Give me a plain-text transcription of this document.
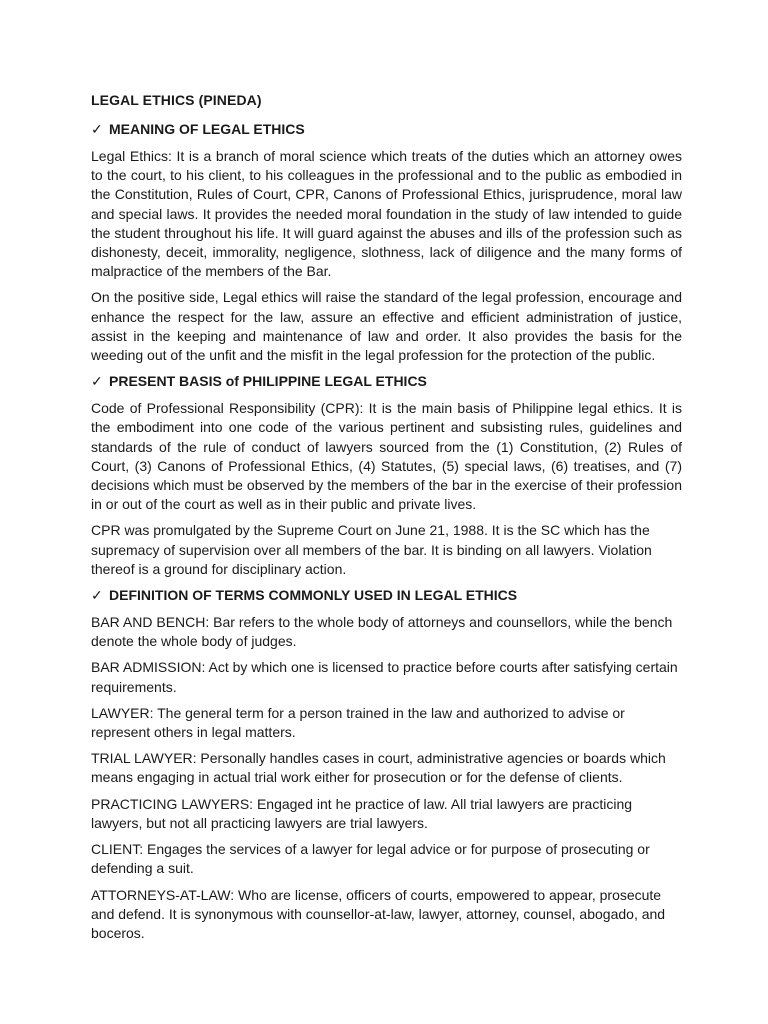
LEGAL ETHICS (PINEDA)
✓ MEANING OF LEGAL ETHICS

Legal Ethics: It is a branch of moral science which treats of the duties which an attorney owes to the court, to his client, to his colleagues in the professional and to the public as embodied in the Constitution, Rules of Court, CPR, Canons of Professional Ethics, jurisprudence, moral law and special laws. It provides the needed moral foundation in the study of law intended to guide the student throughout his life. It will guard against the abuses and ills of the profession such as dishonesty, deceit, immorality, negligence, slothness, lack of diligence and the many forms of malpractice of the members of the Bar.

On the positive side, Legal ethics will raise the standard of the legal profession, encourage and enhance the respect for the law, assure an effective and efficient administration of justice, assist in the keeping and maintenance of law and order. It also provides the basis for the weeding out of the unfit and the misfit in the legal profession for the protection of the public.

✓ PRESENT BASIS of PHILIPPINE LEGAL ETHICS

Code of Professional Responsibility (CPR): It is the main basis of Philippine legal ethics. It is the embodiment into one code of the various pertinent and subsisting rules, guidelines and standards of the rule of conduct of lawyers sourced from the (1) Constitution, (2) Rules of Court, (3) Canons of Professional Ethics, (4) Statutes, (5) special laws, (6) treatises, and (7) decisions which must be observed by the members of the bar in the exercise of their profession in or out of the court as well as in their public and private lives.

CPR was promulgated by the Supreme Court on June 21, 1988. It is the SC which has the supremacy of supervision over all members of the bar. It is binding on all lawyers. Violation thereof is a ground for disciplinary action.

✓ DEFINITION OF TERMS COMMONLY USED IN LEGAL ETHICS

BAR AND BENCH: Bar refers to the whole body of attorneys and counsellors, while the bench denote the whole body of judges.

BAR ADMISSION: Act by which one is licensed to practice before courts after satisfying certain requirements.

LAWYER: The general term for a person trained in the law and authorized to advise or represent others in legal matters.

TRIAL LAWYER: Personally handles cases in court, administrative agencies or boards which means engaging in actual trial work either for prosecution or for the defense of clients.

PRACTICING LAWYERS: Engaged int he practice of law. All trial lawyers are practicing lawyers, but not all practicing lawyers are trial lawyers.

CLIENT: Engages the services of a lawyer for legal advice or for purpose of prosecuting or defending a suit.

ATTORNEYS-AT-LAW: Who are license, officers of courts, empowered to appear, prosecute and defend. It is synonymous with counsellor-at-law, lawyer, attorney, counsel, abogado, and boceros.
